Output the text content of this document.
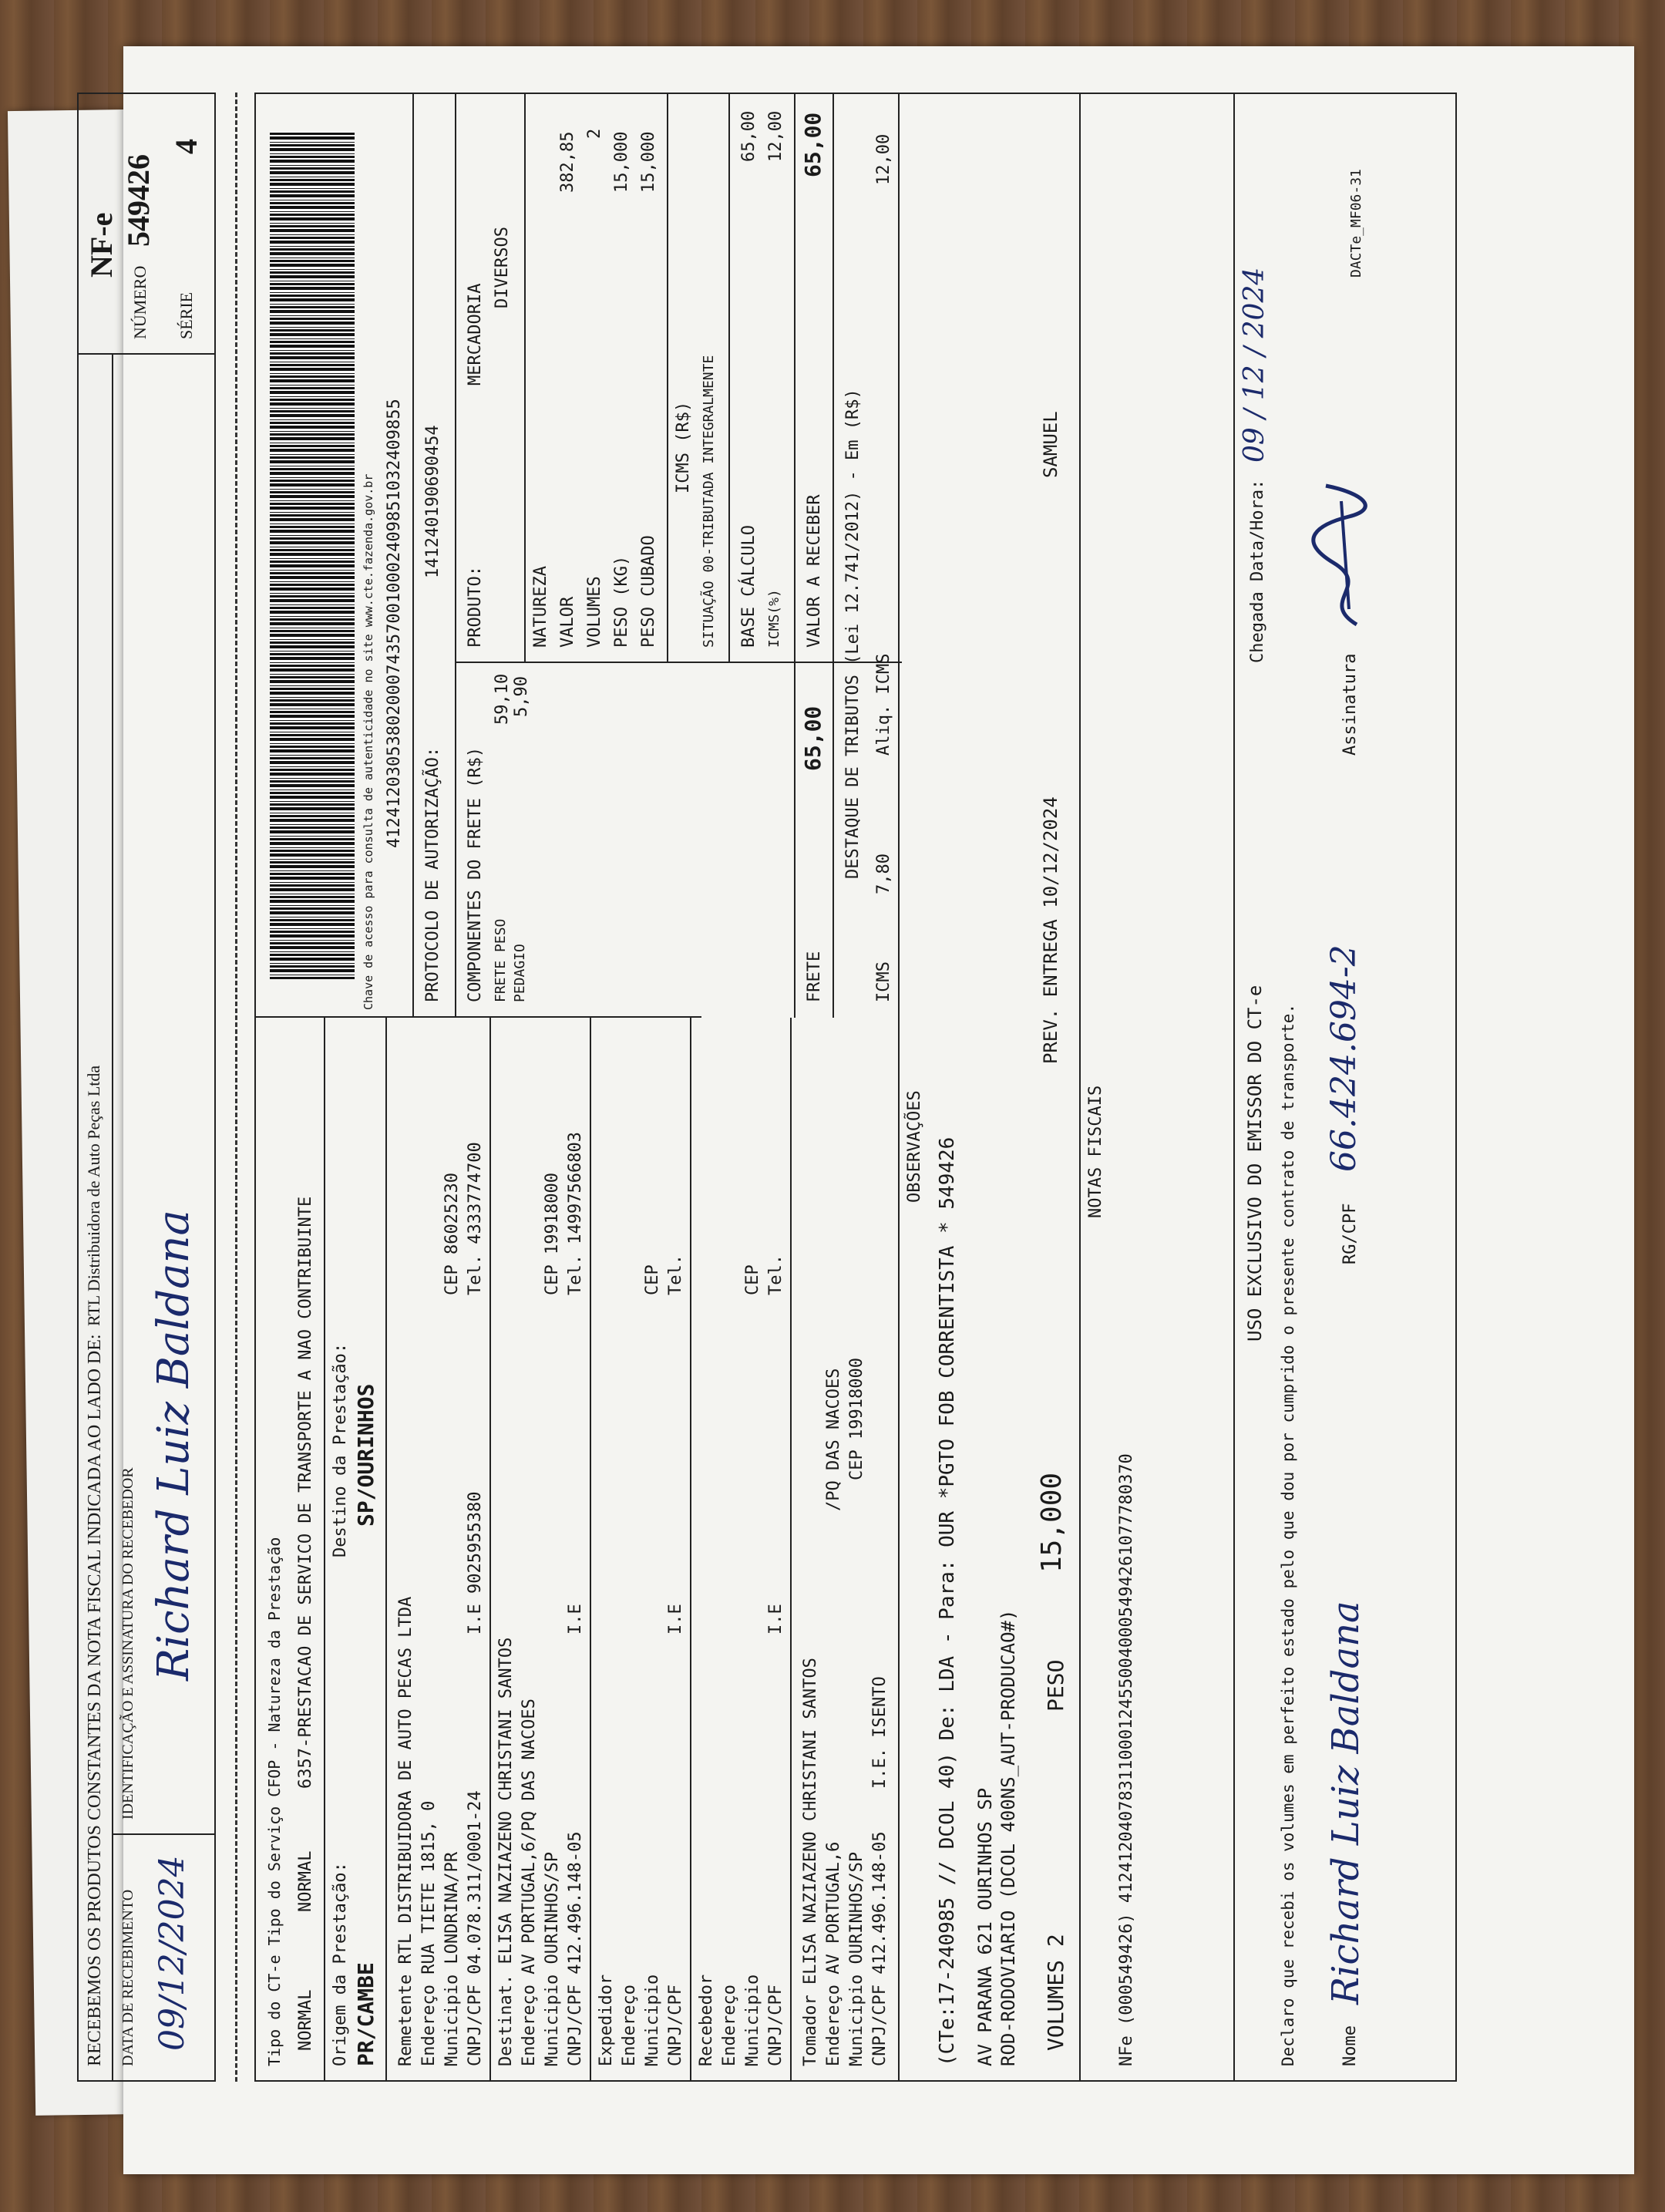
RECEBEMOS OS PRODUTOS CONSTANTES DA NOTA FISCAL INDICADA AO LADO DE:
RTL Distribuidora de Auto Peças Ltda
DATA DE RECEBIMENTO 09/12/2024
IDENTIFICAÇÃO E ASSINATURA DO RECEBEDOR Richard Luiz Baldana
NF-e
NÚMERO
549426
SÉRIE
4
Tipo do CT-e Tipo do Serviço CFOP - Natureza da Prestação NORMAL
NORMAL
6357-PRESTACAO DE SERVICO DE TRANSPORTE A NAO CONTRIBUINTE
Origem da Prestação: PR/CAMBE
Destino da Prestação: SP/OURINHOS
Chave de acesso para consulta de autenticidade no site www.cte.fazenda.gov.br 41241203053802000743570010002409851032409855
PROTOCOLO DE AUTORIZAÇÃO:
141240190690454
Remetente RTL DISTRIBUIDORA DE AUTO PECAS LTDA
Endereço RUA TIETE 1815, 0
Municipio LONDRINA/PR
CNPJ/CPF 04.078.311/0001-24
I.E 9025955380
CEP 86025230
Tel. 4333774700
Destinat. ELISA NAZIAZENO CHRISTANI SANTOS
Endereço AV PORTUGAL,6/PQ DAS NACOES
Municipio OURINHOS/SP
CNPJ/CPF 412.496.148-05
I.E
CEP 19918000
Tel. 14997566803
Expedidor Endereço Municipio CNPJ/CPF
I.E
CEP Tel.
COMPONENTES DO FRETE (R$) FRETE PESO PEDAGIO
59,10 5,90
PRODUTO:
MERCADORIA
DIVERSOS
NATUREZA VALOR
382,85
VOLUMES
2
PESO (KG)
15,000
PESO CUBADO
15,000
ICMS (R$) SITUAÇÃO 00-TRIBUTADA INTEGRALMENTE BASE CÁLCULO
65,00
ICMS(%)
12,00
Recebedor Endereço Municipio CNPJ/CPF
I.E
CEP Tel.
FRETE
65,00
VALOR A RECEBER
65,00
Tomador ELISA NAZIAZENO CHRISTANI SANTOS
Endereço AV PORTUGAL,6
/PQ DAS NACOES
Municipio OURINHOS/SP
CEP 19918000
CNPJ/CPF 412.496.148-05
I.E. ISENTO
DESTAQUE DE TRIBUTOS (Lei 12.741/2012) - Em (R$)
ICMS
7,80
Aliq. ICMS
12,00
OBSERVAÇÕES (CTe:17-240985 // DCOL 40) De: LDA - Para: OUR *PGTO FOB CORRENTISTA * 549426 AV PARANA 621 OURINHOS SP ROD-RODOVIARIO (DCOL 400NS_AUT-PRODUCAO#) VOLUMES 2
PESO
15,000
PREV. ENTREGA 10/12/2024
SAMUEL
NOTAS FISCAIS
NFe (000549426) 41241204078311000124550040005494261077780370
USO EXCLUSIVO DO EMISSOR DO CT-e Declaro que recebi os volumes em perfeito estado pelo que dou por cumprido o presente contrato de transporte.
Chegada Data/Hora:
09 / 12 / 2024
Nome
Richard Luiz Baldana
RG/CPF
66.424.694-2
Assinatura
DACTe_MF06-31
